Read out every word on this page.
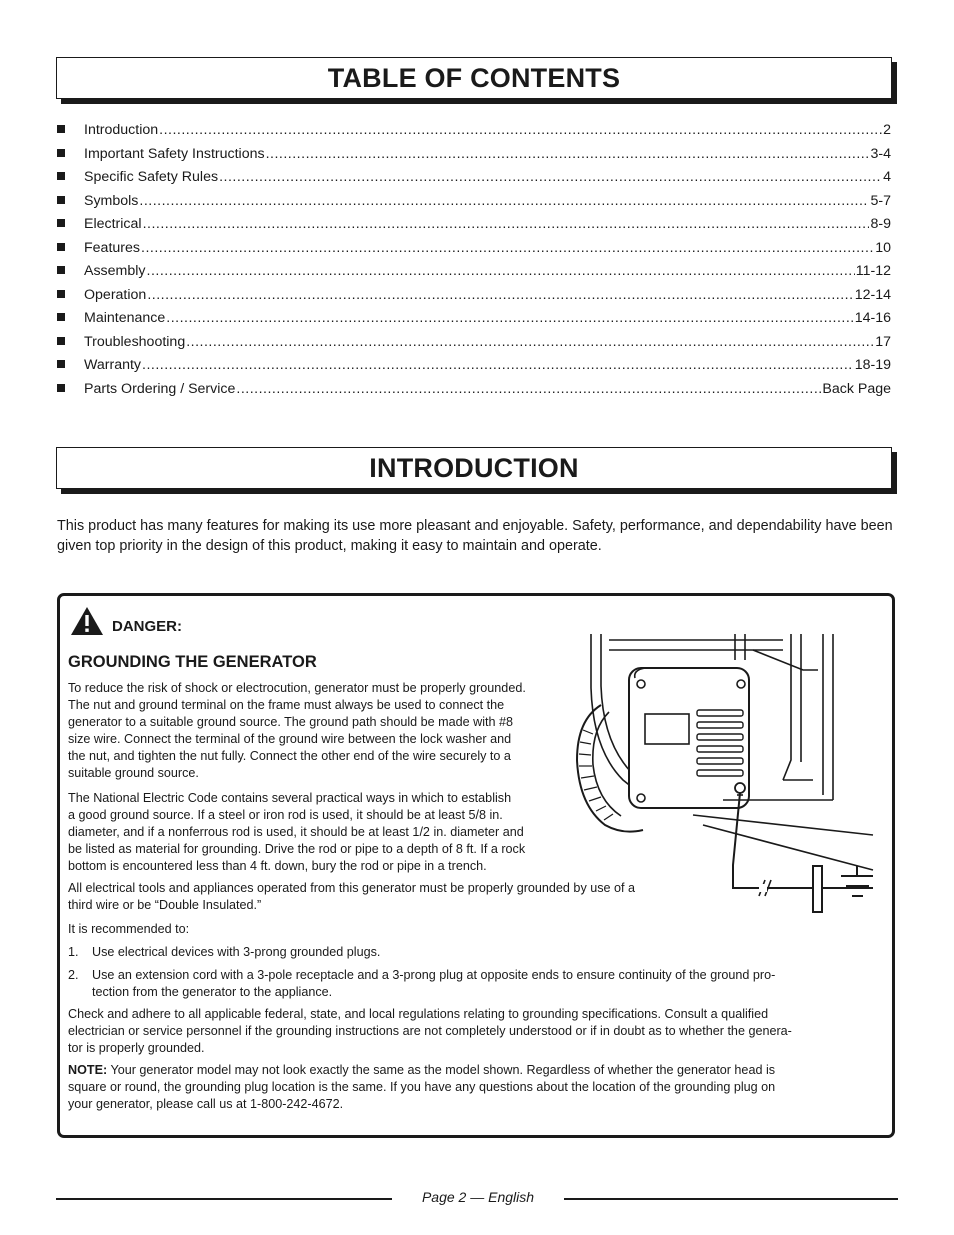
TABLE OF CONTENTS
Introduction .....	2
Important Safety Instructions .....	3-4
Specific Safety Rules .....	4
Symbols .....	5-7
Electrical .....	8-9
Features .....	10
Assembly .....	11-12
Operation .....	12-14
Maintenance .....	14-16
Troubleshooting .....	17
Warranty .....	18-19
Parts Ordering / Service .....	Back Page
INTRODUCTION

This product has many features for making its use more pleasant and enjoyable. Safety, performance, and dependability have been given top priority in the design of this product, making it easy to maintain and operate.

DANGER:
GROUNDING THE GENERATOR
To reduce the risk of shock or electrocution, generator must be properly grounded.
The nut and ground terminal on the frame must always be used to connect the
generator to a suitable ground source. The ground path should be made with #8
size wire. Connect the terminal of the ground wire between the lock washer and
the nut, and tighten the nut fully. Connect the other end of the wire securely to a
suitable ground source.
The National Electric Code contains several practical ways in which to establish
a good ground source. If a steel or iron rod is used, it should be at least 5/8 in.
diameter, and if a nonferrous rod is used, it should be at least 1/2 in. diameter and
be listed as material for grounding. Drive the rod or pipe to a depth of 8 ft. If a rock
bottom is encountered less than 4 ft. down, bury the rod or pipe in a trench.
All electrical tools and appliances operated from this generator must be properly grounded by use of a
third wire or be “Double Insulated.”
It is recommended to:
1. Use electrical devices with 3-prong grounded plugs.
2. Use an extension cord with a 3-pole receptacle and a 3-prong plug at opposite ends to ensure continuity of the ground pro-
tection from the generator to the appliance.
Check and adhere to all applicable federal, state, and local regulations relating to grounding specifications. Consult a qualified
electrician or service personnel if the grounding instructions are not completely understood or if in doubt as to whether the genera-
tor is properly grounded.
NOTE: Your generator model may not look exactly the same as the model shown. Regardless of whether the generator head is
square or round, the grounding plug location is the same. If you have any questions about the location of the grounding plug on
your generator, please call us at 1-800-242-4672.
Page 2 — English
